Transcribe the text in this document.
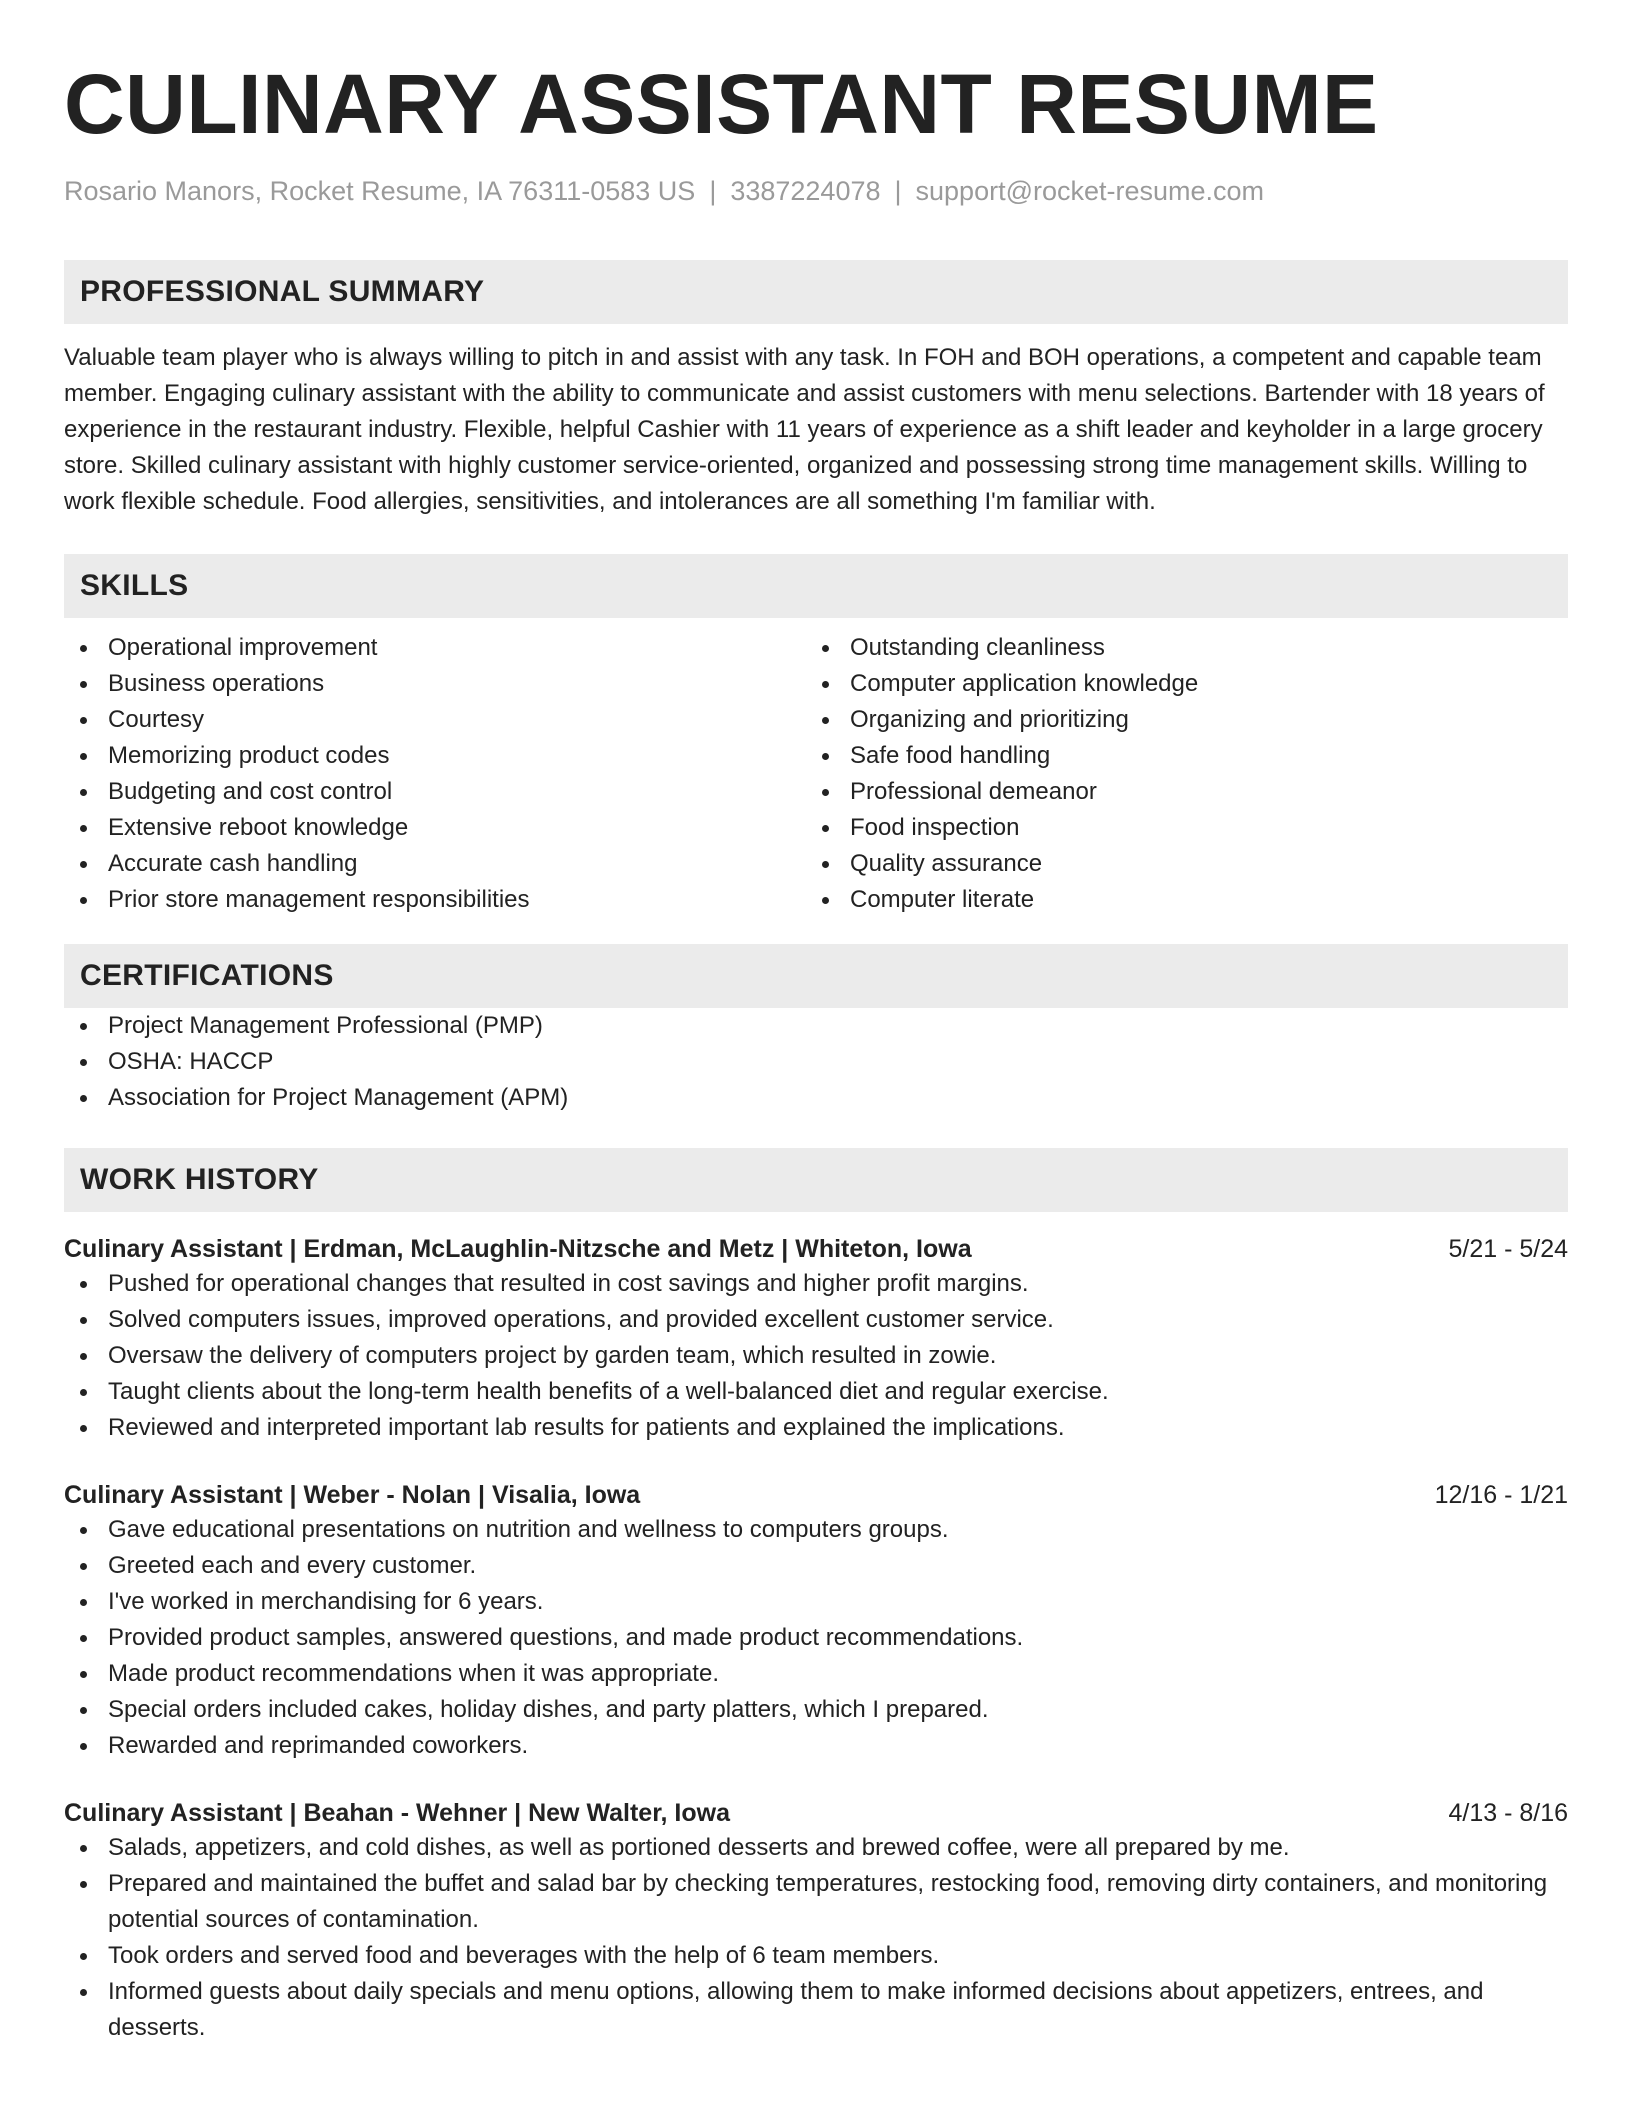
CULINARY ASSISTANT RESUME
Rosario Manors, Rocket Resume, IA 76311-0583 US | 3387224078 | support@rocket-resume.com
PROFESSIONAL SUMMARY
Valuable team player who is always willing to pitch in and assist with any task. In FOH and BOH operations, a competent and capable team member. Engaging culinary assistant with the ability to communicate and assist customers with menu selections. Bartender with 18 years of experience in the restaurant industry. Flexible, helpful Cashier with 11 years of experience as a shift leader and keyholder in a large grocery store. Skilled culinary assistant with highly customer service-oriented, organized and possessing strong time management skills. Willing to work flexible schedule. Food allergies, sensitivities, and intolerances are all something I'm familiar with.
SKILLS
Operational improvement
Business operations
Courtesy
Memorizing product codes
Budgeting and cost control
Extensive reboot knowledge
Accurate cash handling
Prior store management responsibilities
Outstanding cleanliness
Computer application knowledge
Organizing and prioritizing
Safe food handling
Professional demeanor
Food inspection
Quality assurance
Computer literate
CERTIFICATIONS
Project Management Professional (PMP)
OSHA: HACCP
Association for Project Management (APM)
WORK HISTORY
Culinary Assistant | Erdman, McLaughlin-Nitzsche and Metz | Whiteton, Iowa	5/21 - 5/24
Pushed for operational changes that resulted in cost savings and higher profit margins.
Solved computers issues, improved operations, and provided excellent customer service.
Oversaw the delivery of computers project by garden team, which resulted in zowie.
Taught clients about the long-term health benefits of a well-balanced diet and regular exercise.
Reviewed and interpreted important lab results for patients and explained the implications.
Culinary Assistant | Weber - Nolan | Visalia, Iowa	12/16 - 1/21
Gave educational presentations on nutrition and wellness to computers groups.
Greeted each and every customer.
I've worked in merchandising for 6 years.
Provided product samples, answered questions, and made product recommendations.
Made product recommendations when it was appropriate.
Special orders included cakes, holiday dishes, and party platters, which I prepared.
Rewarded and reprimanded coworkers.
Culinary Assistant | Beahan - Wehner | New Walter, Iowa	4/13 - 8/16
Salads, appetizers, and cold dishes, as well as portioned desserts and brewed coffee, were all prepared by me.
Prepared and maintained the buffet and salad bar by checking temperatures, restocking food, removing dirty containers, and monitoring potential sources of contamination.
Took orders and served food and beverages with the help of 6 team members.
Informed guests about daily specials and menu options, allowing them to make informed decisions about appetizers, entrees, and desserts.
